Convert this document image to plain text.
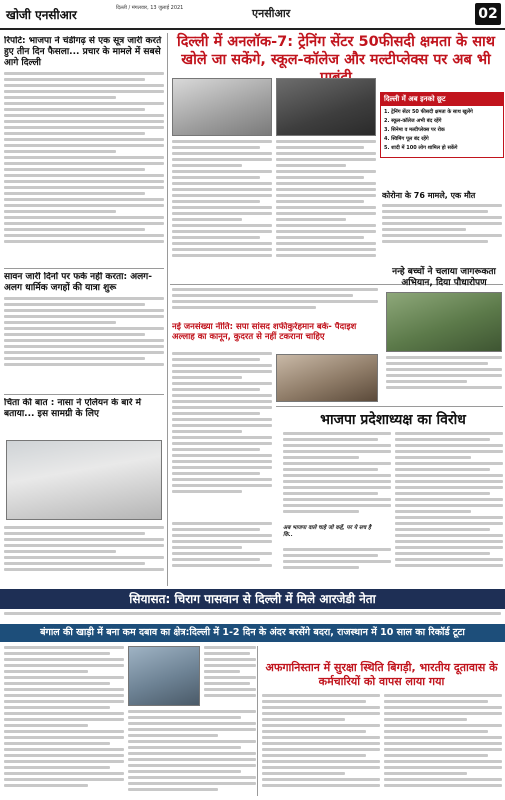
खोजी एनसीआर	दिल्ली / मंगलवार, 13 जुलाई 2021	एनसीआर	02
रिपोर्ट: भाजपा ने चंडीगढ़ से एक सूत्र जारी करते हुए तीन दिन फैसला... प्रचार के मामले में सबसे आगे दिल्ली
सावन जारी दिनों पर फर्क नहीं करता: अलग-अलग धार्मिक जगहों की यात्रा शुरू
चिंता की बात : नासा ने एलियन के बारे में बताया... इस सामग्री के लिए
दिल्ली में अनलॉक-7: ट्रेनिंग सेंटर 50फीसदी क्षमता के साथ खोले जा सकेंगे, स्कूल-कॉलेज और मल्टीप्लेक्स पर अब भी
दिल्ली में अब इनको छूट
1. ट्रेनिंग सेंटर 50 फीसदी क्षमता के साथ खुलेंगे
2. स्कूल-कॉलेज अभी बंद रहेंगे
3. सिनेमा व मल्टीप्लेक्स पर रोक
4. स्विमिंग पूल बंद रहेंगे
5. शादी में 100 लोग शामिल हो सकेंगे
कोरोना के 76 मामले, एक मौत
नन्हे बच्चों ने चलाया जागरूकता अभियान, दिया पौधारोपण
नई जनसंख्या नीति: सपा सांसद शफीकुर्रहमान बर्क- पैदाइश अल्लाह का कानून, कुदरत से नहीं टकराना चाहिए
भाजपा प्रदेशाध्यक्ष का विरोध
अब भाजपा वाले चाहे जो कहें, पर ये सच है कि..
सियासत: चिराग पासवान से दिल्ली में मिले आरजेडी नेता
बंगाल की खाड़ी में बना कम दबाव का क्षेत्र:दिल्ली में 1-2 दिन के अंदर बरसेंगे बदरा, राजस्थान में 10 साल का रिकॉर्ड टूटा
अफगानिस्तान में सुरक्षा स्थिति बिगड़ी, भारतीय दूतावास के कर्मचारियों को वापस लाया गया
